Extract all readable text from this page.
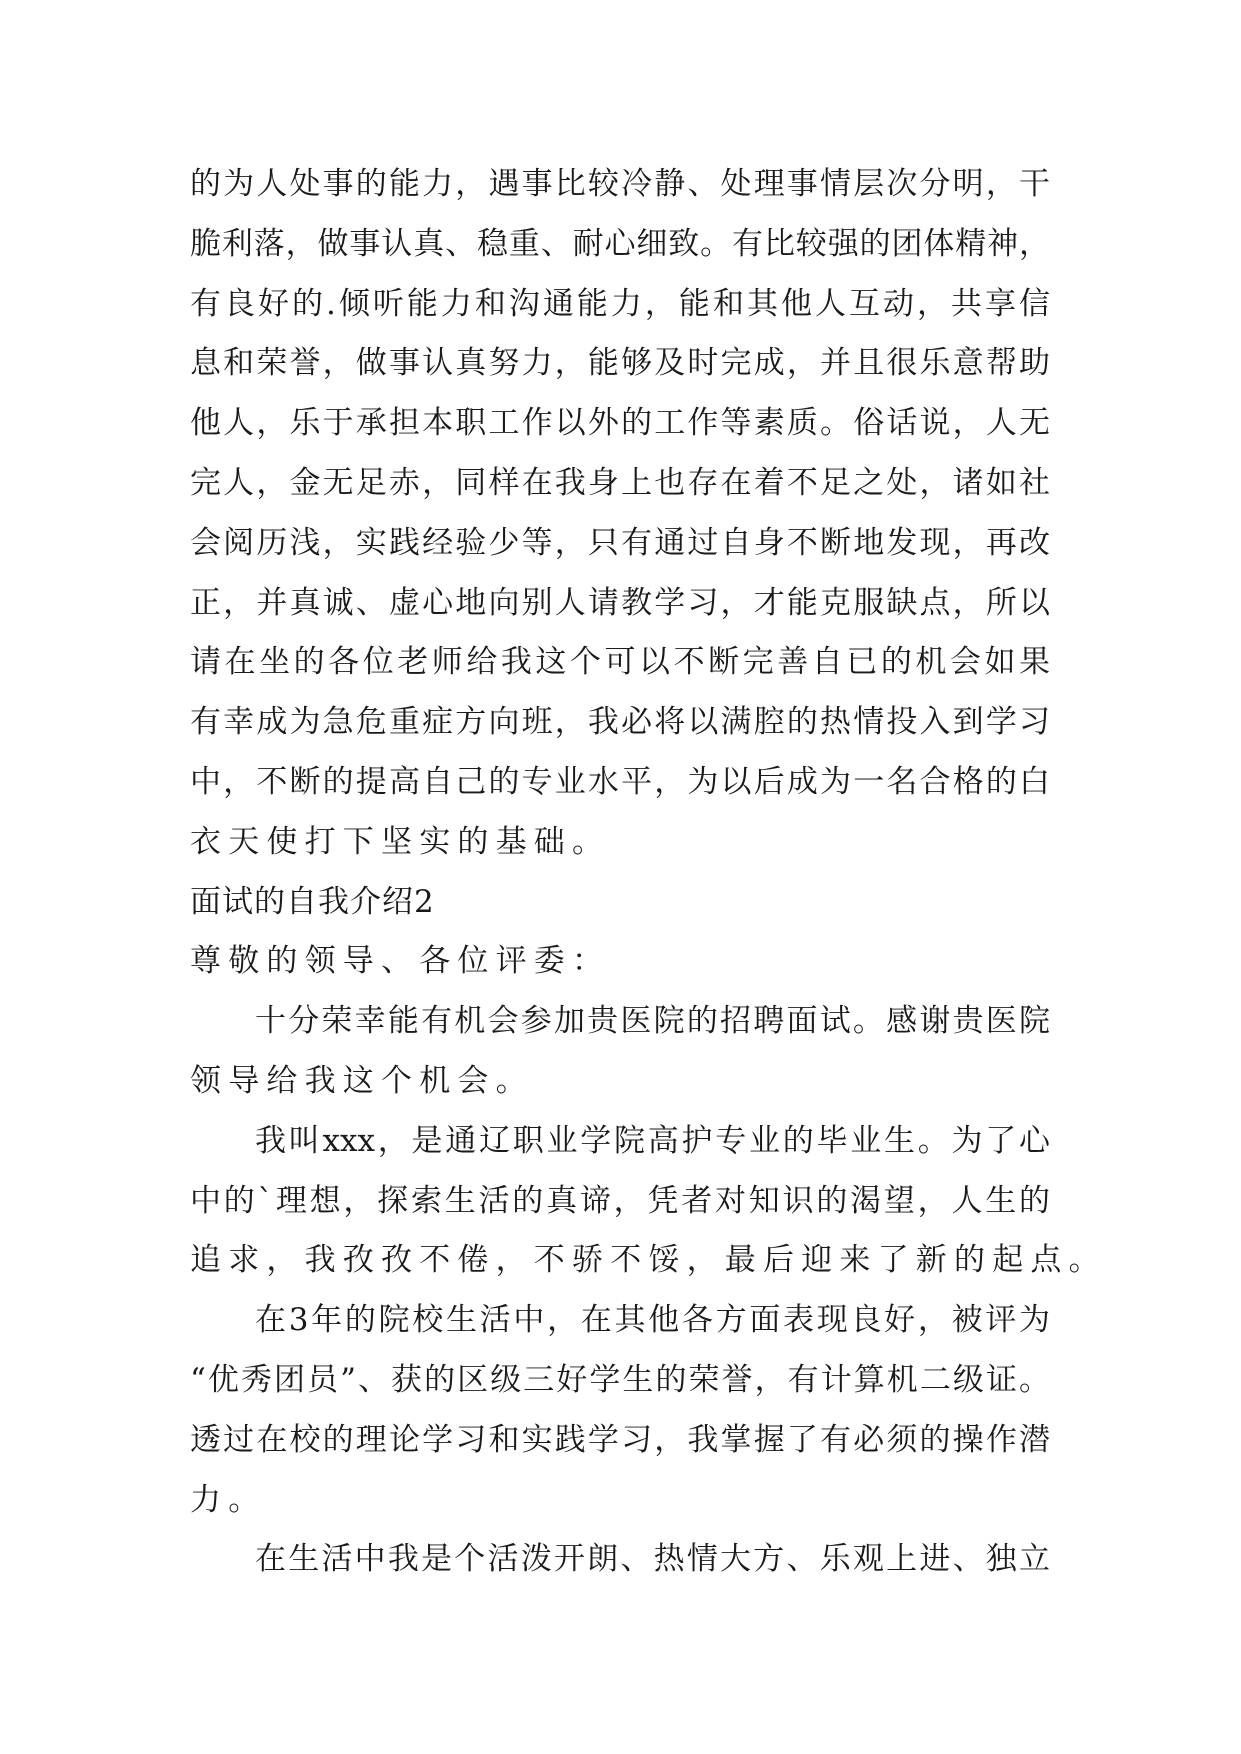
的为人处事的能力，遇事比较冷静、处理事情层次分明，干
脆利落，做事认真、稳重、耐心细致。有比较强的团体精神，
有良好的.倾听能力和沟通能力，能和其他人互动，共享信
息和荣誉，做事认真努力，能够及时完成，并且很乐意帮助
他人，乐于承担本职工作以外的工作等素质。俗话说，人无
完人，金无足赤，同样在我身上也存在着不足之处，诸如社
会阅历浅，实践经验少等，只有通过自身不断地发现，再改
正，并真诚、虚心地向别人请教学习，才能克服缺点，所以
请在坐的各位老师给我这个可以不断完善自已的机会如果
有幸成为急危重症方向班，我必将以满腔的热情投入到学习
中，不断的提高自己的专业水平，为以后成为一名合格的白
衣天使打下坚实的基础。
面试的自我介绍2
尊敬的领导、各位评委：
十分荣幸能有机会参加贵医院的招聘面试。感谢贵医院
领导给我这个机会。
我叫xxx，是通辽职业学院高护专业的毕业生。为了心
中的`理想，探索生活的真谛，凭者对知识的渴望，人生的
追求，我孜孜不倦，不骄不馁，最后迎来了新的起点。
在3年的院校生活中，在其他各方面表现良好，被评为
“优秀团员”、获的区级三好学生的荣誉，有计算机二级证。
透过在校的理论学习和实践学习，我掌握了有必须的操作潜
力。
在生活中我是个活泼开朗、热情大方、乐观上进、独立
